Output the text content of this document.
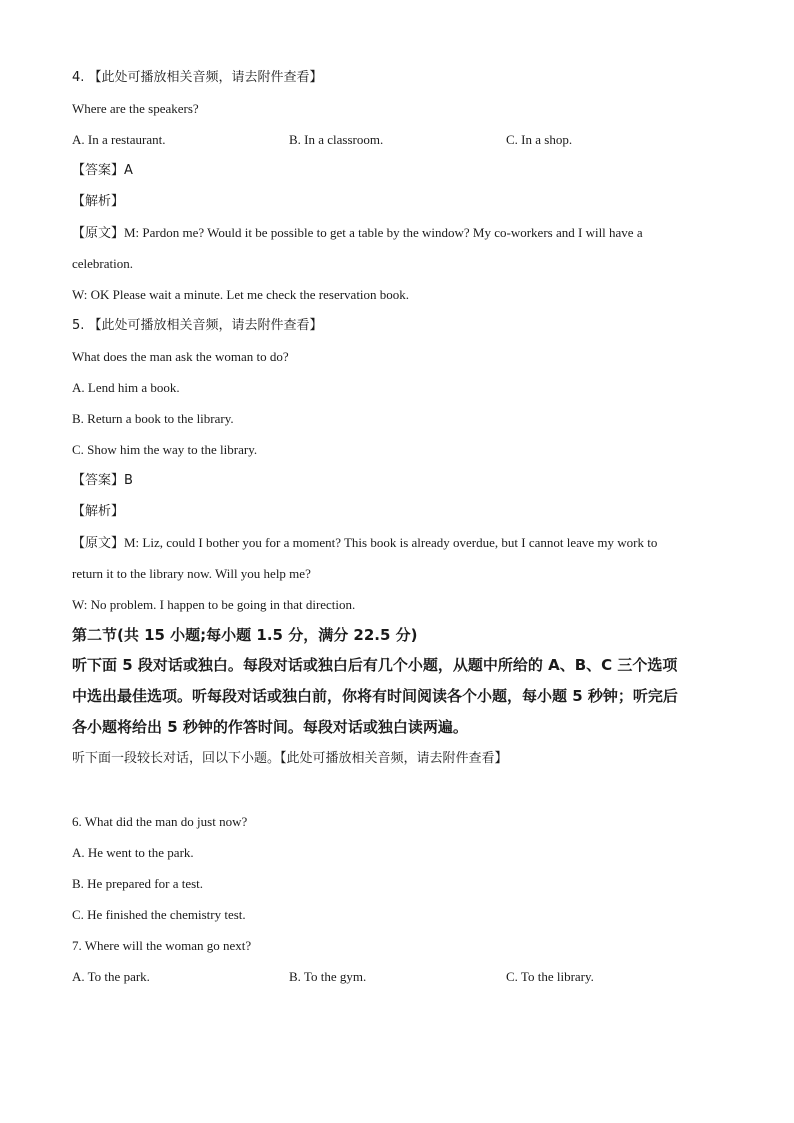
4. 【此处可播放相关音频，请去附件查看】
Where are the speakers?
A. In a restaurant.	B. In a classroom.	C. In a shop.
【答案】A
【解析】
【原文】M: Pardon me? Would it be possible to get a table by the window? My co-workers and I will have a
celebration.
W: OK Please wait a minute. Let me check the reservation book.
5. 【此处可播放相关音频，请去附件查看】
What does the man ask the woman to do?
A. Lend him a book.
B. Return a book to the library.
C. Show him the way to the library.
【答案】B
【解析】
【原文】M: Liz, could I bother you for a moment? This book is already overdue, but I cannot leave my work to
return it to the library now. Will you help me?
W: No problem. I happen to be going in that direction.
第二节(共 15 小题;每小题 1.5 分，满分 22.5 分)
听下面 5 段对话或独白。每段对话或独白后有几个小题，从题中所给的 A、B、C 三个选项
中选出最佳选项。听每段对话或独白前，你将有时间阅读各个小题，每小题 5 秒钟；听完后
各小题将给出 5 秒钟的作答时间。每段对话或独白读两遍。
听下面一段较长对话，回以下小题。【此处可播放相关音频，请去附件查看】
6. What did the man do just now?
A. He went to the park.
B. He prepared for a test.
C. He finished the chemistry test.
7. Where will the woman go next?
A. To the park.	B. To the gym.	C. To the library.
